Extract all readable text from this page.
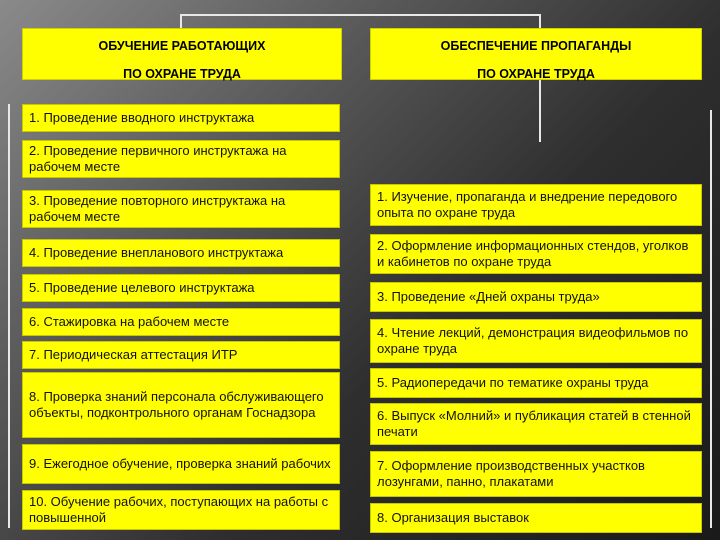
ОБУЧЕНИЕ РАБОТАЮЩИХ
ПО ОХРАНЕ ТРУДА
ОБЕСПЕЧЕНИЕ ПРОПАГАНДЫ
ПО ОХРАНЕ ТРУДА
1. Проведение вводного инструктажа
2. Проведение первичного инструктажа на рабочем месте
3. Проведение повторного инструктажа на рабочем месте
4. Проведение внепланового инструктажа
5. Проведение целевого инструктажа
6. Стажировка на рабочем месте
7. Периодическая аттестация ИТР
8. Проверка знаний персонала обслуживающего объекты, подконтрольного органам Госнадзора
9. Ежегодное обучение, проверка знаний рабочих
10. Обучение рабочих, поступающих на работы с повышенной
1. Изучение, пропаганда и внедрение передового опыта по охране труда
2. Оформление информационных стендов, уголков и кабинетов по охране труда
3. Проведение «Дней охраны труда»
4. Чтение лекций, демонстрация видеофильмов по охране труда
5. Радиопередачи по тематике охраны труда
6. Выпуск «Молний» и публикация статей в стенной печати
7. Оформление производственных участков лозунгами, панно, плакатами
8. Организация выставок
